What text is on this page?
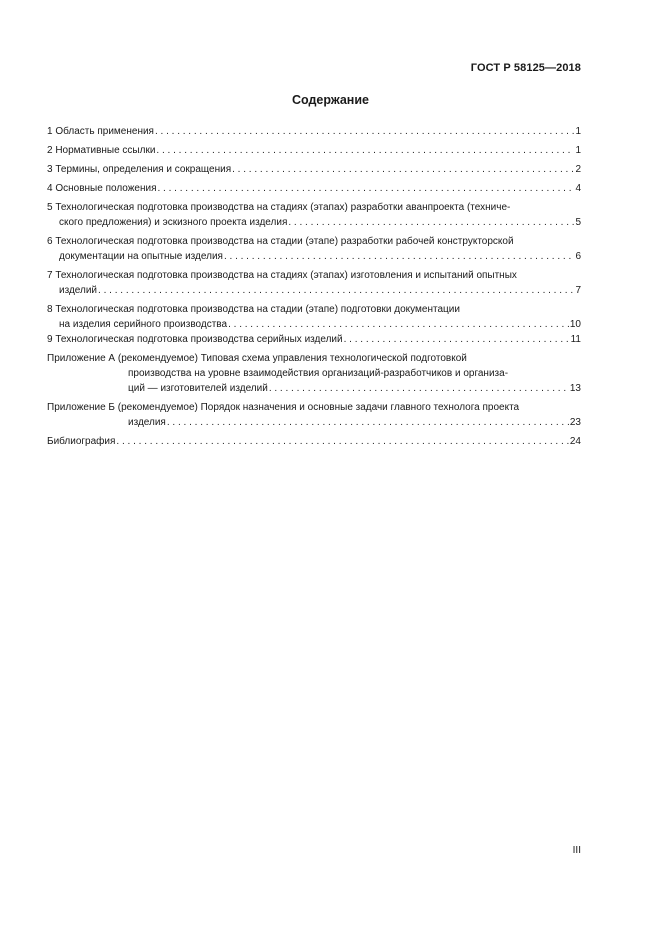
ГОСТ Р 58125—2018
Содержание
1 Область применения . . .	1
2 Нормативные ссылки . . .	1
3 Термины, определения и сокращения . . .	2
4 Основные положения . . .	4
5 Технологическая подготовка производства на стадиях (этапах) разработки аванпроекта (техниче-
ского предложения) и эскизного проекта изделия . . .	5
6 Технологическая подготовка производства на стадии (этапе) разработки рабочей конструкторской
документации на опытные изделия . . .	6
7 Технологическая подготовка производства на стадиях (этапах) изготовления и испытаний опытных
изделий . . .	7
8 Технологическая подготовка производства на стадии (этапе) подготовки документации
на изделия серийного производства . . .	10
9 Технологическая подготовка производства серийных изделий . . .	11
Приложение А (рекомендуемое) Типовая схема управления технологической подготовкой
производства на уровне взаимодействия организаций-разработчиков и организа-
ций — изготовителей изделий . . .	13
Приложение Б (рекомендуемое) Порядок назначения и основные задачи главного технолога проекта
изделия . . .	23
Библиография . . .	24
III
